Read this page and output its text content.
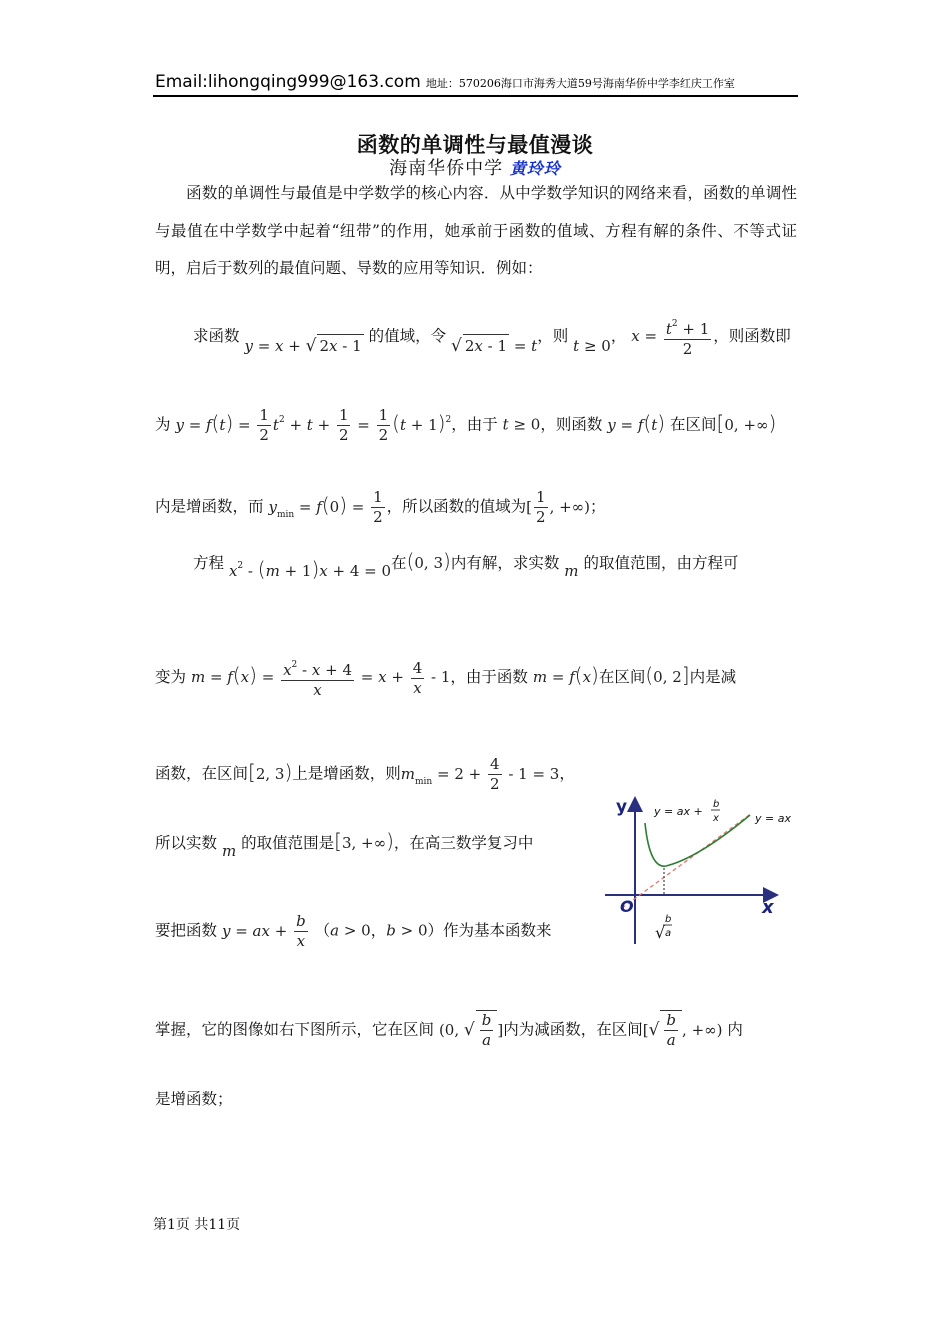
Email:lihongqing999@163.com 地址：570206海口市海秀大道59号海南华侨中学李红庆工作室
函数的单调性与最值漫谈
海南华侨中学 黄玲玲
函数的单调性与最值是中学数学的核心内容．从中学数学知识的网络来看，函数的单调性与最值在中学数学中起着“纽带”的作用，她承前于函数的值域、方程有解的条件、不等式证明，启后于数列的最值问题、导数的应用等知识．例如：
求函数 y = x + √ 2x - 1 的值域，令 √ 2x - 1 = t，则 t ≥ 0， $x = \frac{t^2 + 1}{2}$ ，则函数即
为 $y = f(t) = \frac{1}{2} t^2 + t + \frac{1}{2} = \frac{1}{2} (t + 1)^2$，由于 t ≥ 0，则函数 y = f(t) 在区间[0, +∞)
内是增函数，而 $y_{min} = f(0) = \frac{1}{2}$ ，所以函数的值域为[ $\frac{1}{2}$ , +∞)；
方程 $x^2 - (m + 1)x + 4 = 0$在(0, 3)内有解，求实数 m 的取值范围，由方程可
变为 $m = f(x) = \frac{x^2 - x + 4}{x} = x + \frac{4}{x} - 1$，由于函数 m = f(x)在区间(0, 2]内是减
函数，在区间[2, 3)上是增函数，则$m_{min} = 2 + \frac{4}{2} - 1 = 3$，
所以实数 m 的取值范围是[3, +∞)，在高三数学复习中
要把函数 y = ax + $\frac{b}{x} (a > 0$，b > 0）作为基本函数来
掌握，它的图像如右下图所示，它在区间 (0, √ $\frac{b}{a}$ ]内为减函数，在区间[√ $\frac{b}{a}$ , +∞) 内
是增函数；
y
x
O
y = ax +
b
x	y = ax
√
b
a
第1页 共11页
